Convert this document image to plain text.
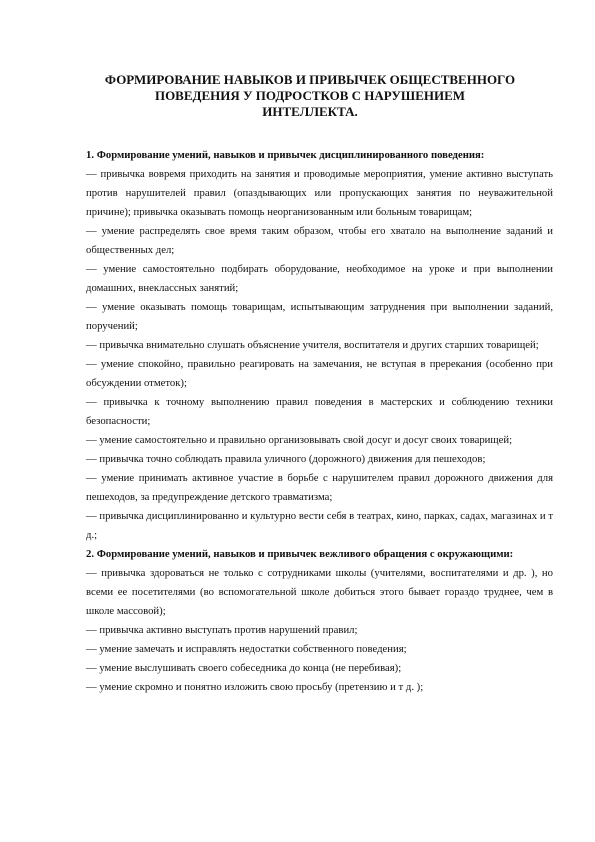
ФОРМИРОВАНИЕ НАВЫКОВ И ПРИВЫЧЕК ОБЩЕСТВЕННОГО
ПОВЕДЕНИЯ У ПОДРОСТКОВ С НАРУШЕНИЕМ
ИНТЕЛЛЕКТА.

1. Формирование умений, навыков и привычек дисциплинированного поведения:

— привычка вовремя приходить на занятия и проводимые мероприятия, умение активно выступать против нарушителей правил (опаздывающих или пропускающих занятия по неуважительной причине); привычка оказывать помощь неорганизованным или больным товарищам;

— умение распределять свое время таким образом, чтобы его хватало на выполнение заданий и общественных дел;

— умение самостоятельно подбирать оборудование, необходимое на уроке и при выполнении домашних, внеклассных занятий;

— умение оказывать помощь товарищам, испытывающим затруднения при выполнении заданий, поручений;

— привычка внимательно слушать объяснение учителя, воспитателя и других старших товарищей;

— умение спокойно, правильно реагировать на замечания, не вступая в пререкания (особенно при обсуждении отметок);

— привычка к точному выполнению правил поведения в мастерских и соблюдению техники безопасности;

— умение самостоятельно и правильно организовывать свой досуг и досуг своих товарищей;

— привычка точно соблюдать правила уличного (дорожного) движения для пешеходов;

— умение принимать активное участие в борьбе с нарушителем правил дорожного движения для пешеходов, за предупреждение детского травматизма;

— привычка дисциплинированно и культурно вести себя в театрах, кино, парках, садах, магазинах и т д.;

2. Формирование умений, навыков и привычек вежливого обращения с окружающими:

— привычка здороваться не только с сотрудниками школы (учителями, воспитателями и др. ), но всеми ее посетителями (во вспомогательной школе добиться этого бывает гораздо труднее, чем в школе массовой);

— привычка активно выступать против нарушений правил;

— умение замечать и исправлять недостатки собственного поведения;

— умение выслушивать своего собеседника до конца (не перебивая);

— умение скромно и понятно изложить свою просьбу (претензию и т д. );
